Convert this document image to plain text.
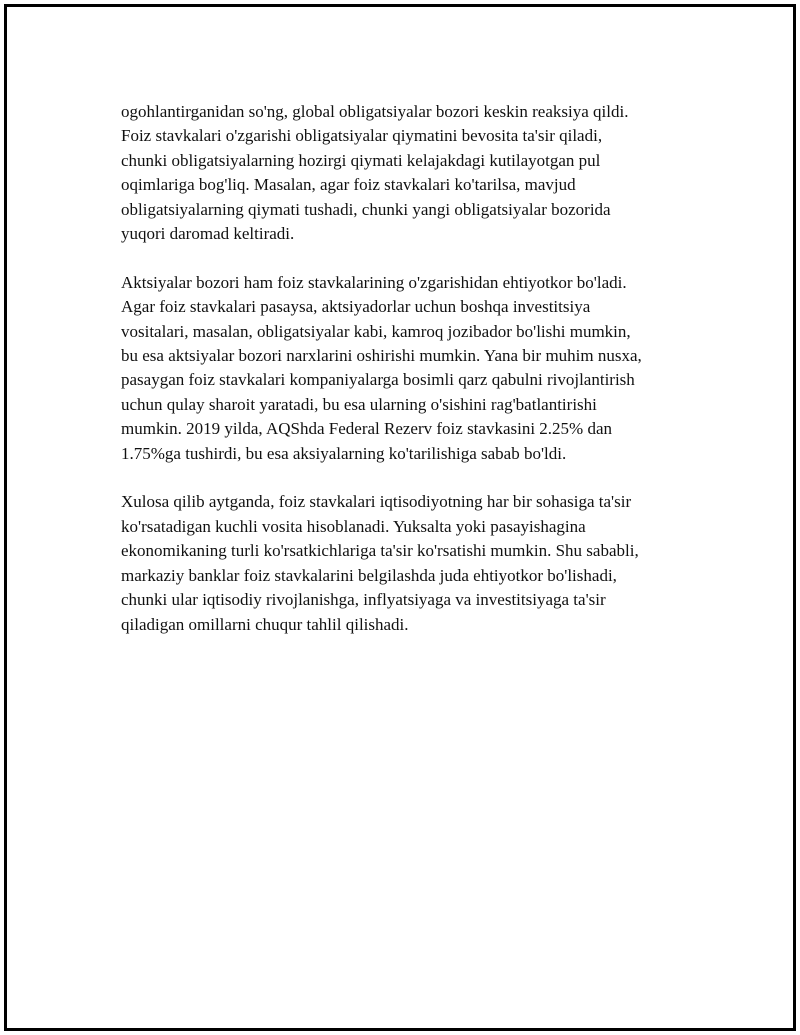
ogohlantirganidan so'ng, global obligatsiyalar bozori keskin reaksiya qildi.
Foiz stavkalari o'zgarishi obligatsiyalar qiymatini bevosita ta'sir qiladi,
chunki obligatsiyalarning hozirgi qiymati kelajakdagi kutilayotgan pul
oqimlariga bog'liq. Masalan, agar foiz stavkalari ko'tarilsa, mavjud
obligatsiyalarning qiymati tushadi, chunki yangi obligatsiyalar bozorida
yuqori daromad keltiradi.

Aktsiyalar bozori ham foiz stavkalarining o'zgarishidan ehtiyotkor bo'ladi.
Agar foiz stavkalari pasaysa, aktsiyadorlar uchun boshqa investitsiya
vositalari, masalan, obligatsiyalar kabi, kamroq jozibador bo'lishi mumkin,
bu esa aktsiyalar bozori narxlarini oshirishi mumkin. Yana bir muhim nusxa,
pasaygan foiz stavkalari kompaniyalarga bosimli qarz qabulni rivojlantirish
uchun qulay sharoit yaratadi, bu esa ularning o'sishini rag'batlantirishi
mumkin. 2019 yilda, AQShda Federal Rezerv foiz stavkasini 2.25% dan
1.75%ga tushirdi, bu esa aksiyalarning ko'tarilishiga sabab bo'ldi.

Xulosa qilib aytganda, foiz stavkalari iqtisodiyotning har bir sohasiga ta'sir
ko'rsatadigan kuchli vosita hisoblanadi. Yuksalta yoki pasayishagina
ekonomikaning turli ko'rsatkichlariga ta'sir ko'rsatishi mumkin. Shu sababli,
markaziy banklar foiz stavkalarini belgilashda juda ehtiyotkor bo'lishadi,
chunki ular iqtisodiy rivojlanishga, inflyatsiyaga va investitsiyaga ta'sir
qiladigan omillarni chuqur tahlil qilishadi.
